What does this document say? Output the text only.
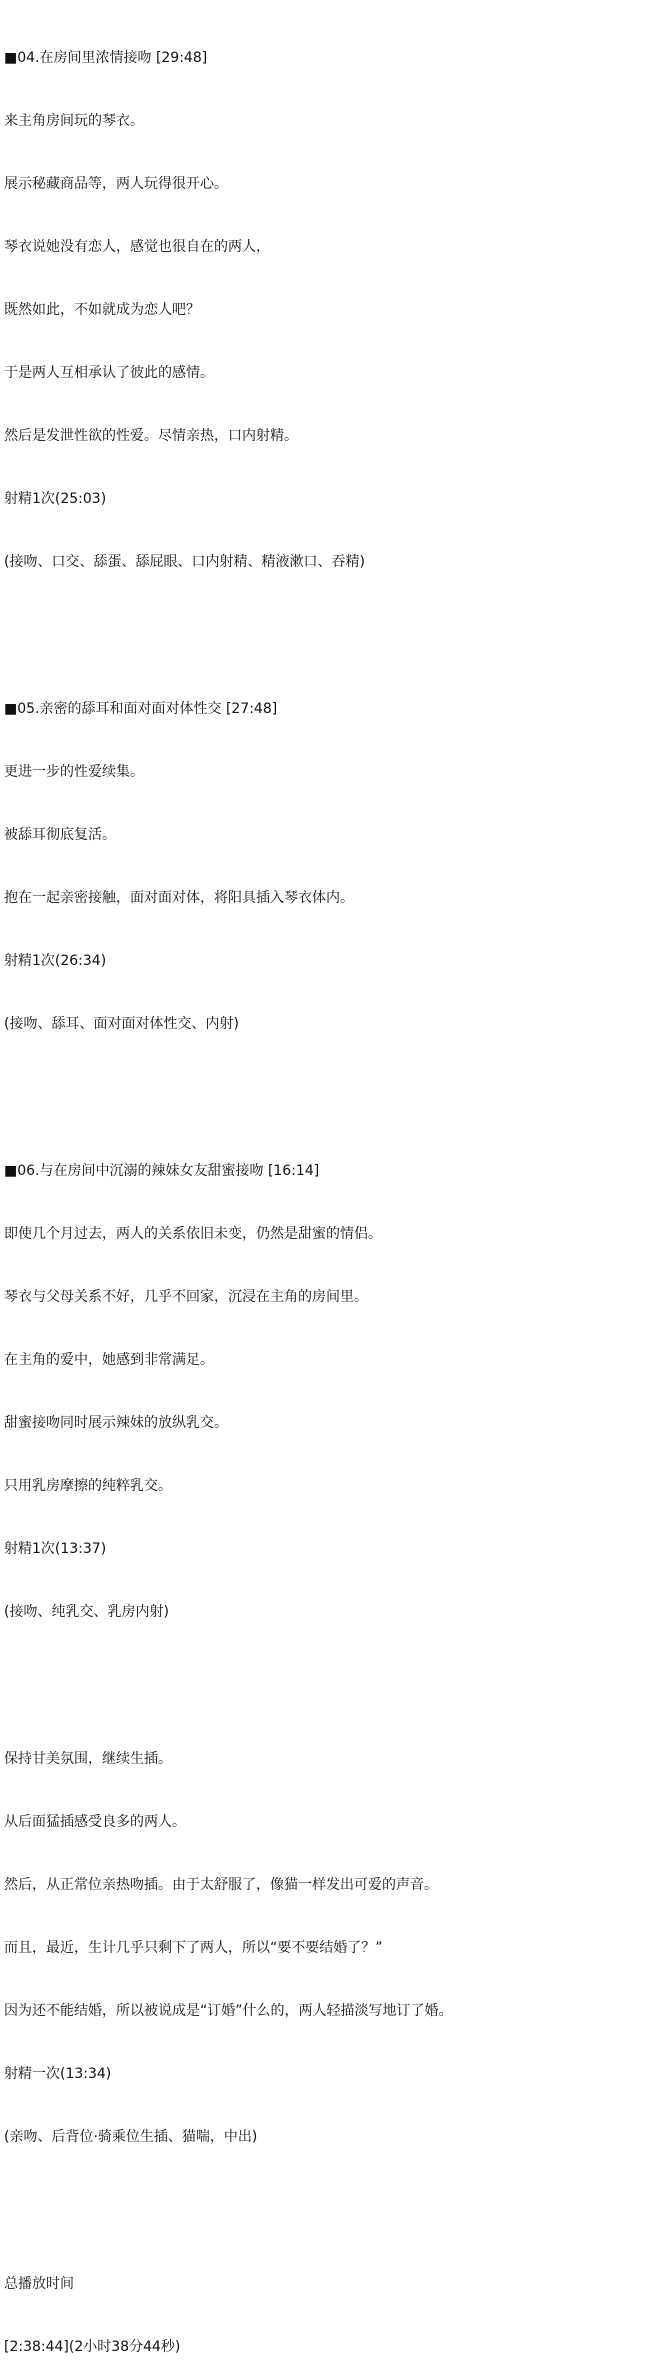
■04.在房间里浓情接吻 [29:48]

来主角房间玩的琴衣。

展示秘藏商品等，两人玩得很开心。

琴衣说她没有恋人，感觉也很自在的两人，

既然如此，不如就成为恋人吧？

于是两人互相承认了彼此的感情。

然后是发泄性欲的性爱。尽情亲热，口内射精。

射精1次(25:03)

(接吻、口交、舔蛋、舔屁眼、口内射精、精液漱口、吞精)

■05.亲密的舔耳和面对面对体性交 [27:48]

更进一步的性爱续集。

被舔耳彻底复活。

抱在一起亲密接触，面对面对体，将阳具插入琴衣体内。

射精1次(26:34)

(接吻、舔耳、面对面对体性交、内射)

■06.与在房间中沉溺的辣妹女友甜蜜接吻 [16:14]

即使几个月过去，两人的关系依旧未变，仍然是甜蜜的情侣。

琴衣与父母关系不好，几乎不回家，沉浸在主角的房间里。

在主角的爱中，她感到非常满足。

甜蜜接吻同时展示辣妹的放纵乳交。

只用乳房摩擦的纯粹乳交。

射精1次(13:37)

(接吻、纯乳交、乳房内射)

保持甘美氛围，继续生插。

从后面猛插感受良多的两人。

然后，从正常位亲热吻插。由于太舒服了，像猫一样发出可爱的声音。

而且，最近，生计几乎只剩下了两人，所以“要不要结婚了？”

因为还不能结婚，所以被说成是“订婚”什么的，两人轻描淡写地订了婚。

射精一次(13:34)

(亲吻、后背位·骑乘位生插、猫喘，中出)

总播放时间

[2:38:44](2小时38分44秒)
